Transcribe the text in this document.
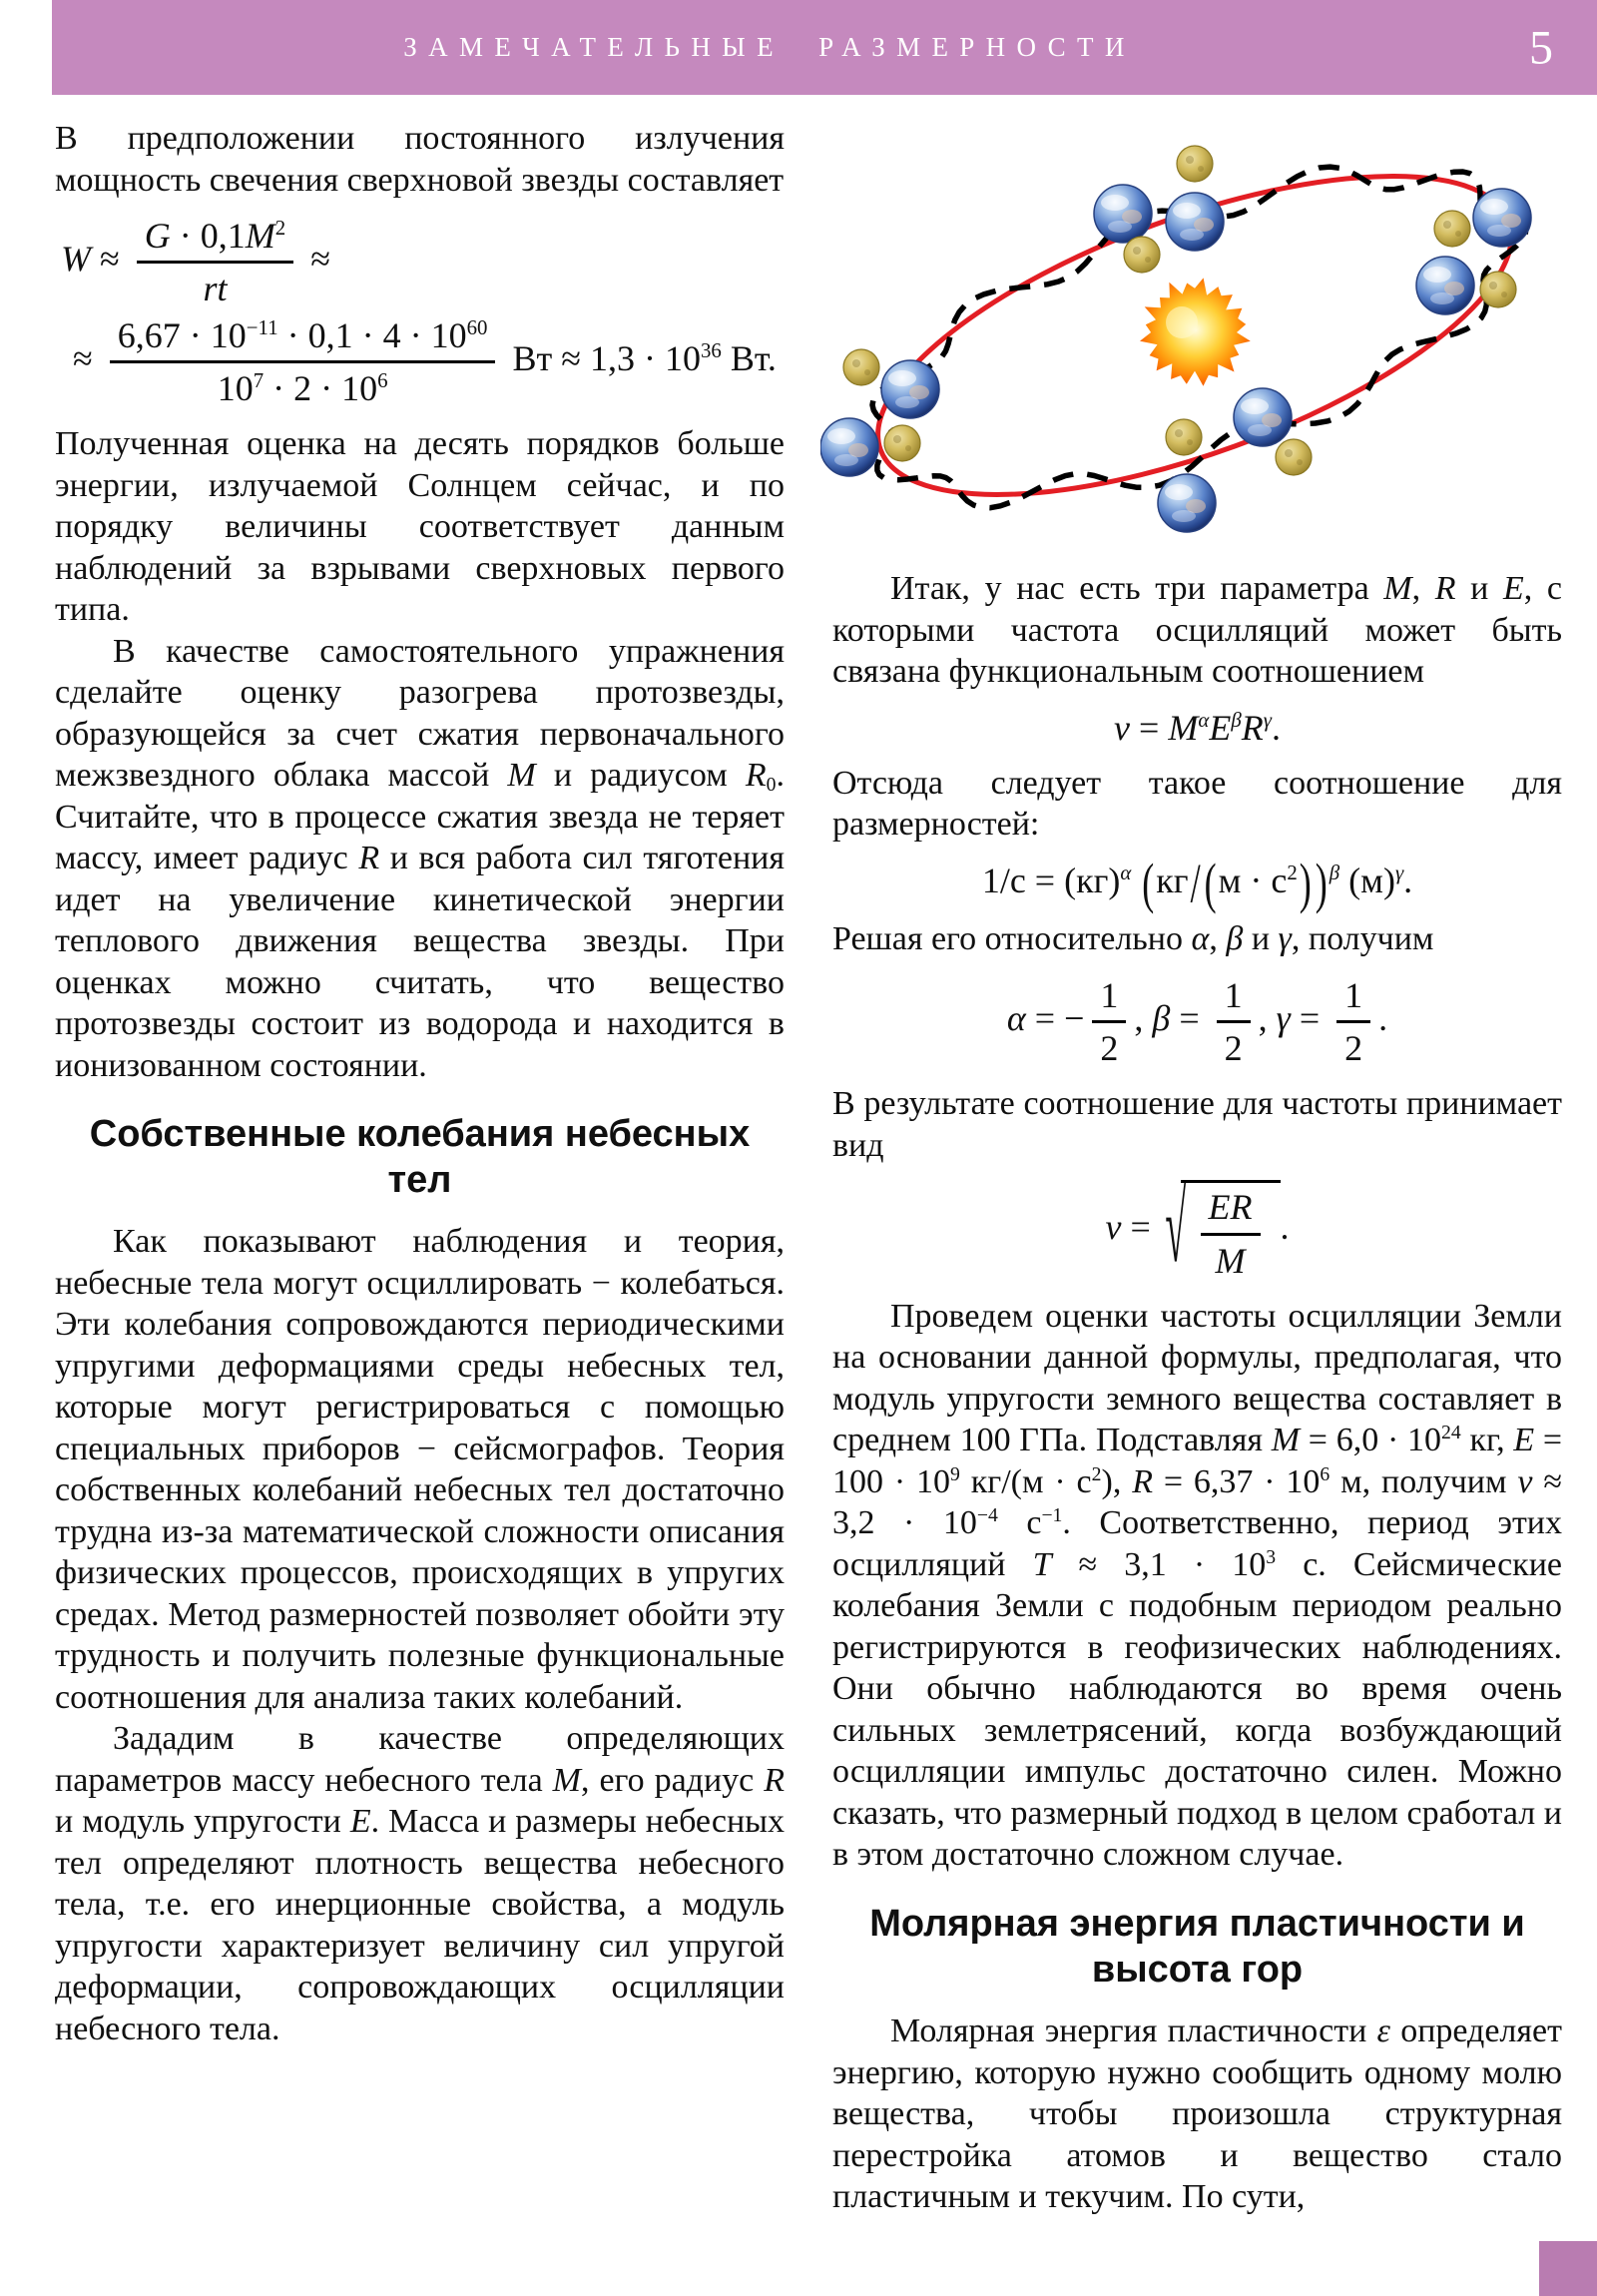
ЗАМЕЧАТЕЛЬНЫЕ РАЗМЕРНОСТИ	5

В предположении постоянного излучения мощность свечения сверхновой звезды составляет

$W \approx \frac{G \cdot 0,1M^2}{rt}$ ≈
≈ $\frac{6,67 \cdot 10^{-11} \cdot 0,1 \cdot 4 \cdot 10^{60}}{10^7 \cdot 2 \cdot 10^6}$ Вт ≈ $1,3 \cdot 10^{36}$ Вт.

Полученная оценка на десять порядков больше энергии, излучаемой Солнцем сейчас, и по порядку величины соответствует данным наблюдений за взрывами сверхновых первого типа.

В качестве самостоятельного упражнения сделайте оценку разогрева протозвезды, образующейся за счет сжатия первоначального межзвездного облака массой M и радиусом R0. Считайте, что в процессе сжатия звезда не теряет массу, имеет радиус R и вся работа сил тяготения идет на увеличение кинетической энергии теплового движения вещества звезды. При оценках можно считать, что вещество протозвезды состоит из водорода и находится в ионизованном состоянии.

Собственные колебания небесных тел

Как показывают наблюдения и теория, небесные тела могут осциллировать − колебаться. Эти колебания сопровождаются периодическими упругими деформациями среды небесных тел, которые могут регистрироваться с помощью специальных приборов − сейсмографов. Теория собственных колебаний небесных тел достаточно трудна из-за математической сложности описания физических процессов, происходящих в упругих средах. Метод размерностей позволяет обойти эту трудность и получить полезные функциональные соотношения для анализа таких колебаний.

Зададим в качестве определяющих параметров массу небесного тела M, его радиус R и модуль упругости E. Масса и размеры небесных тел определяют плотность вещества небесного тела, т.е. его инерционные свойства, а модуль упругости характеризует величину сил упругой деформации, сопровождающих осцилляции небесного тела.

Итак, у нас есть три параметра M, R и E, с которыми частота осцилляций может быть связана функциональным соотношением

$\nu = M^\alpha E^\beta R^\gamma$.

Отсюда следует такое соотношение для размерностей:

1/с = (кг)$^\alpha$ (кг/ $(м \cdot с^2)$ )$^\beta$ $(м)^\gamma$.

Решая его относительно α, β и γ, получим

α = − $\frac{1}{2}$ , $\beta = \frac{1}{2}$ , $\gamma = \frac{1}{2}$ .

В результате соотношение для частоты принимает вид

ν = √ $\frac{ER}{M}$ .

Проведем оценки частоты осцилляции Земли на основании данной формулы, предполагая, что модуль упругости земного вещества составляет в среднем 100 ГПа. Подставляя $M = 6,0 \cdot 10^{24}$ кг, $E = 100 \cdot 10^9$ $кг/(м \cdot с^2)$, $R = 6,37 \cdot 10^6$ м, получим $\nu \approx 3,2 \cdot 10^{-4}$ $с^{-1}$. Соответственно, период этих осцилляций $T \approx 3,1 \cdot 10^3$ с. Сейсмические колебания Земли с подобным периодом реально регистрируются в геофизических наблюдениях. Они обычно наблюдаются во время очень сильных землетрясений, когда возбуждающий осцилляции импульс достаточно силен. Можно сказать, что размерный подход в целом сработал и в этом достаточно сложном случае.

Молярная энергия пластичности и высота гор

Молярная энергия пластичности ε определяет энергию, которую нужно сообщить одному молю вещества, чтобы произошла структурная перестройка атомов и вещество стало пластичным и текучим. По сути,
